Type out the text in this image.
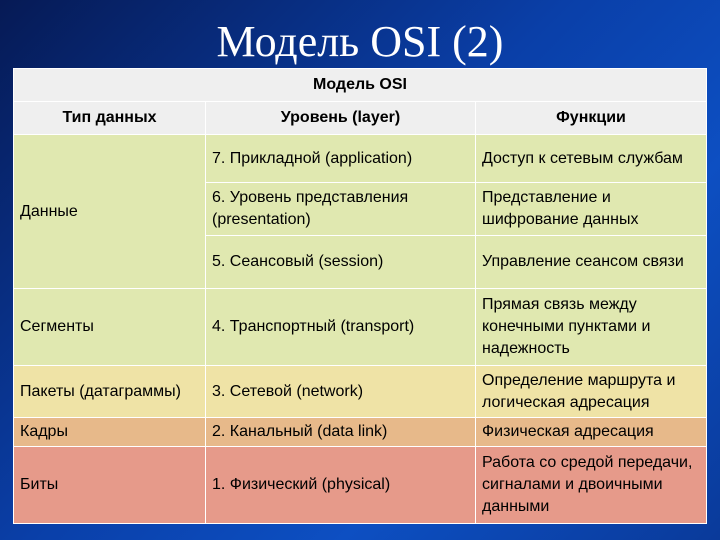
Модель OSI (2)
Модель OSI		
Тип данных	Уровень (layer)	Функции
Данные	7. Прикладной (application)	Доступ к сетевым службам
	6. Уровень представления (presentation)	Представление и шифрование данных
	5. Сеансовый (session)	Управление сеансом связи
Сегменты	4. Транспортный (transport)	Прямая связь между конечными пунктами и надежность
Пакеты (датаграммы)	3. Сетевой (network)	Определение маршрута и логическая адресация
Кадры	2. Канальный (data link)	Физическая адресация
Биты	1. Физический (physical)	Работа со средой передачи, сигналами и двоичными данными
